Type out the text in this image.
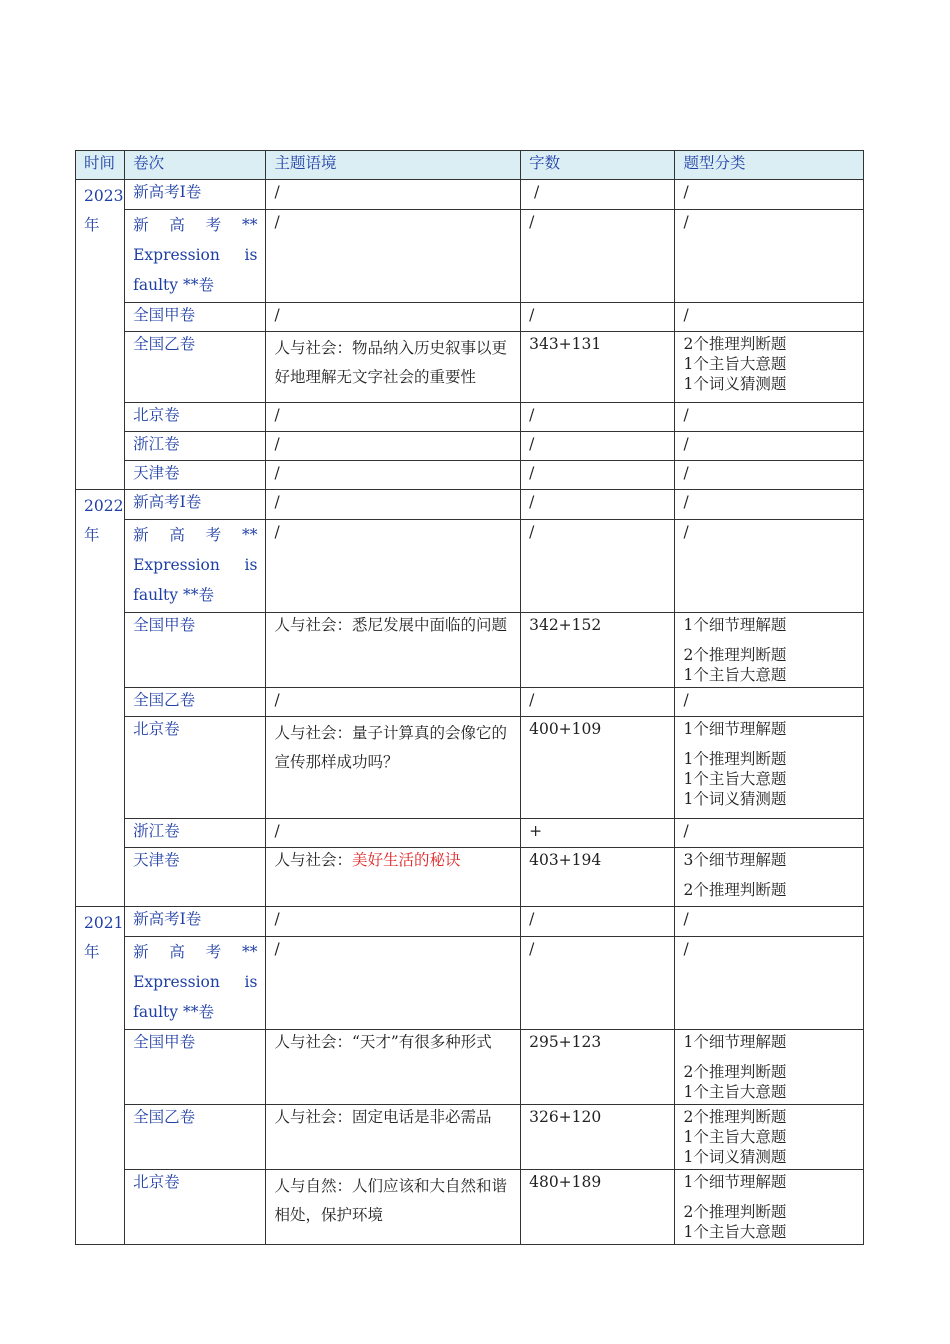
时间	卷次	主题语境	字数	题型分类

2023
年	新高考I卷	/	/	/

	新 高 考 **
Expression is
faulty **卷	/	/	/
	全国甲卷	/	/	/
	全国乙卷	人与社会：物品纳入历史叙事以更好地理解无文字社会的重要性	343+131	2个推理判断题
1个主旨大意题
1个词义猜测题

	北京卷	/	/	/
	浙江卷	/	/	/
	天津卷	/	/	/

2022
年	新高考I卷	/	/	/

	新 高 考 **
Expression is
faulty **卷	/	/	/
	全国甲卷	人与社会：悉尼发展中面临的问题	342+152	1个细节理解题
2个推理判断题
1个主旨大意题

	全国乙卷	/	/	/
	北京卷	人与社会：量子计算真的会像它的宣传那样成功吗？	400+109	1个细节理解题
1个推理判断题
1个主旨大意题
1个词义猜测题

	浙江卷	/	+	/
	天津卷	人与社会：美好生活的秘诀	403+194	3个细节理解题
2个推理判断题

2021
年	新高考I卷	/	/	/

	新 高 考 **
Expression is
faulty **卷	/	/	/
	全国甲卷	人与社会：“天才”有很多种形式	295+123	1个细节理解题
2个推理判断题
1个主旨大意题

	全国乙卷	人与社会：固定电话是非必需品	326+120	2个推理判断题
1个主旨大意题
1个词义猜测题

	北京卷	人与自然：人们应该和大自然和谐相处，保护环境	480+189	1个细节理解题
2个推理判断题
1个主旨大意题
